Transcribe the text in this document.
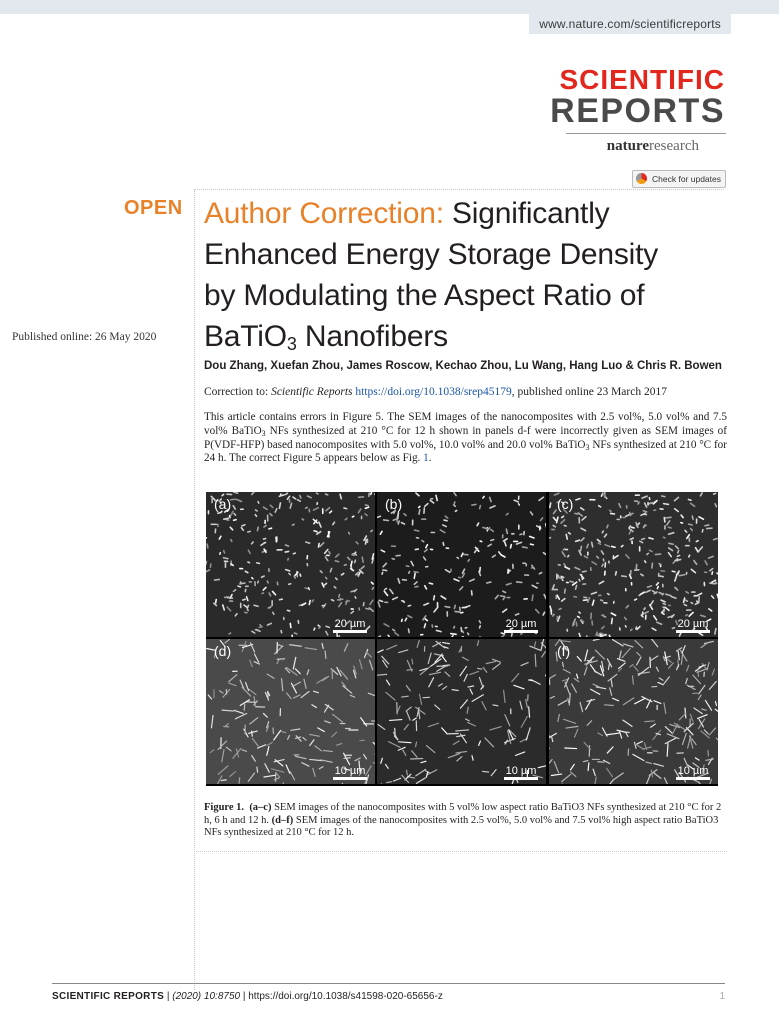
www.nature.com/scientificreports
SCIENTIFIC
REPORTS
natureresearch
Check for updates
OPEN
Published online: 26 May 2020
Author Correction: Significantly
Enhanced Energy Storage Density
by Modulating the Aspect Ratio of
BaTiO$_3$ Nanofibers
Dou Zhang, Xuefan Zhou, James Roscow, Kechao Zhou, Lu Wang, Hang Luo & Chris R. Bowen
Correction to: Scientific Reports https://doi.org/10.1038/srep45179, published online 23 March 2017
This article contains errors in Figure 5. The SEM images of the nanocomposites with 2.5 vol%, 5.0 vol% and 7.5 vol% BaTiO$_3$ NFs synthesized at 210 °C for 12 h shown in panels d-f were incorrectly given as SEM images of P(VDF-HFP) based nanocomposites with 5.0 vol%, 10.0 vol% and 20.0 vol% BaTiO$_3$ NFs synthesized at 210 °C for 24 h. The correct Figure 5 appears below as Fig. 1.
(a)
20 µm
(b)
20 µm
(c)
20 µm
(d)
10 µm	10 µm
(f)
10 µm
Figure 1. (a–c) SEM images of the nanocomposites with 5 vol% low aspect ratio BaTiO3 NFs synthesized at 210 °C for 2 h, 6 h and 12 h. (d–f) SEM images of the nanocomposites with 2.5 vol%, 5.0 vol% and 7.5 vol% high aspect ratio BaTiO3 NFs synthesized at 210 °C for 12 h.
SCIENTIFIC REPORTS | (2020) 10:8750 | https://doi.org/10.1038/s41598-020-65656-z	1
